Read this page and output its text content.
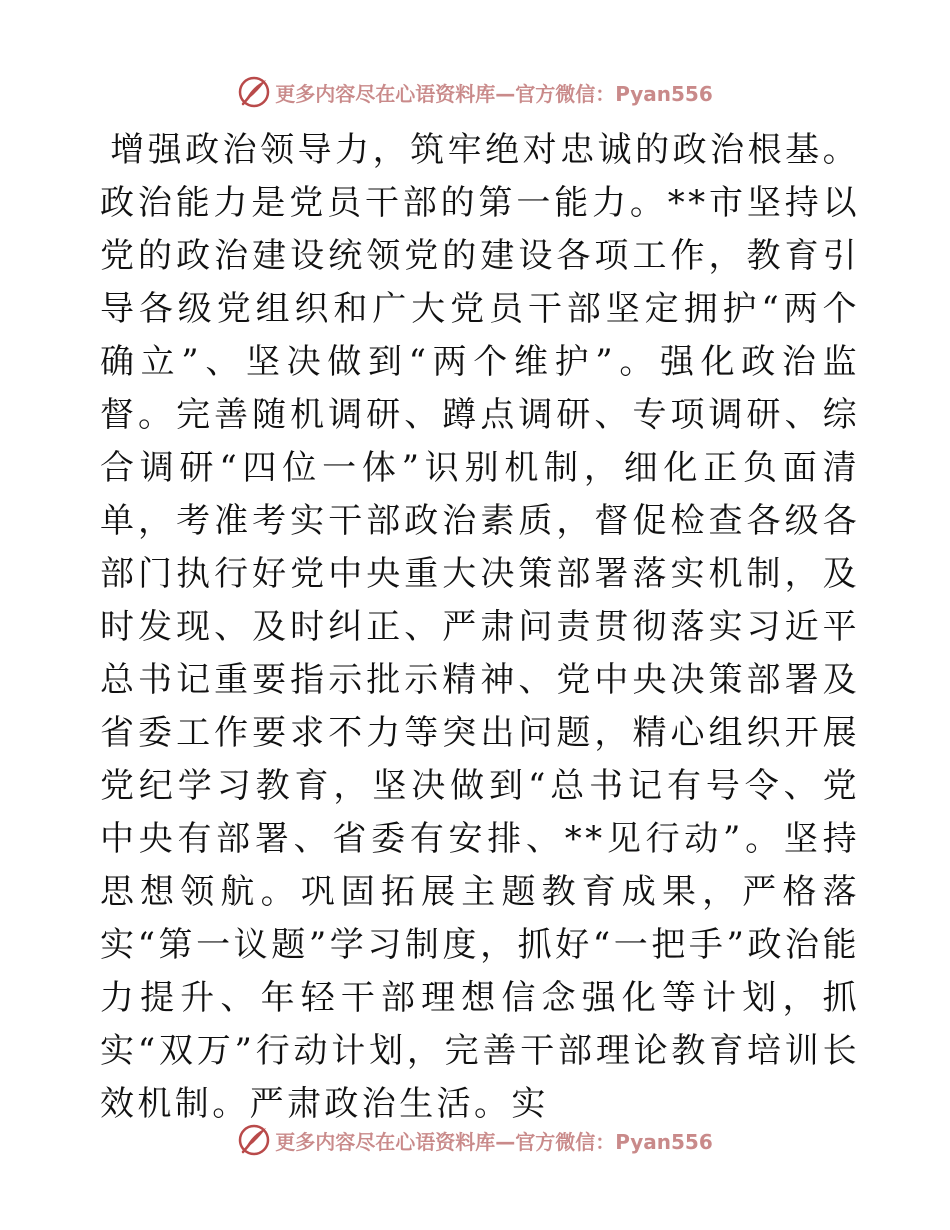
更多内容尽在心语资料库—官方微信：Pyan556

增强政治领导力，筑牢绝对忠诚的政治根基。政治能力是党员干部的第一能力。**市坚持以党的政治建设统领党的建设各项工作，教育引导各级党组织和广大党员干部坚定拥护“两个确立”、坚决做到“两个维护”。强化政治监督。完善随机调研、蹲点调研、专项调研、综合调研“四位一体”识别机制，细化正负面清单，考准考实干部政治素质，督促检查各级各部门执行好党中央重大决策部署落实机制，及时发现、及时纠正、严肃问责贯彻落实习近平总书记重要指示批示精神、党中央决策部署及省委工作要求不力等突出问题，精心组织开展党纪学习教育，坚决做到“总书记有号令、党中央有部署、省委有安排、**见行动”。坚持思想领航。巩固拓展主题教育成果，严格落实“第一议题”学习制度，抓好“一把手”政治能力提升、年轻干部理想信念强化等计划，抓实“双万”行动计划，完善干部理论教育培训长效机制。严肃政治生活。实

更多内容尽在心语资料库—官方微信：Pyan556
